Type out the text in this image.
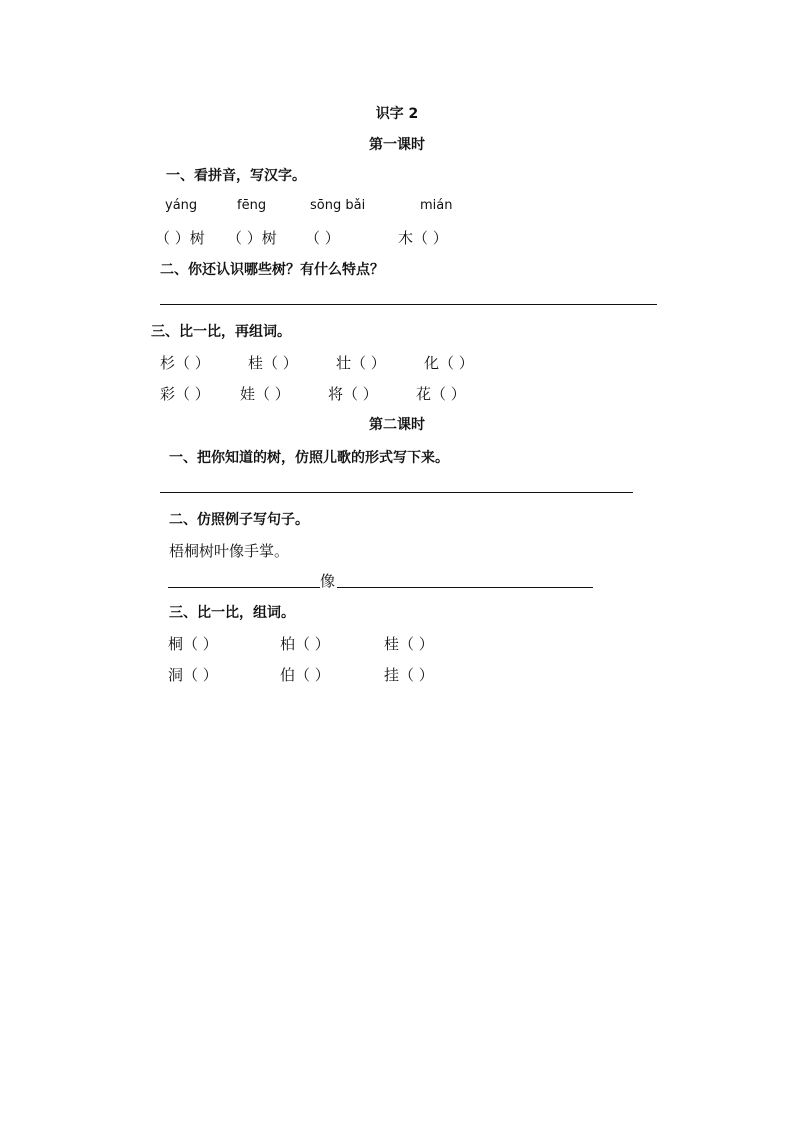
识字 2
第一课时
一、看拼音，写汉字。
yáng	fēng	sōng bǎi	mián
（ ）树 （ ）树 （ ）	木（ ）
二、你还认识哪些树？有什么特点？
三、比一比，再组词。
杉（ ）	桂（ ）	壮（ ）	化（ ）
彩（ ） 娃（ ）	将（ ）	花（ ）
第二课时
一、把你知道的树，仿照儿歌的形式写下来。
二、仿照例子写句子。
梧桐树叶像手掌。
像
三、比一比，组词。
桐（ ）	柏（ ）	桂（ ）
洞（ ）	伯（ ）	挂（ ）
